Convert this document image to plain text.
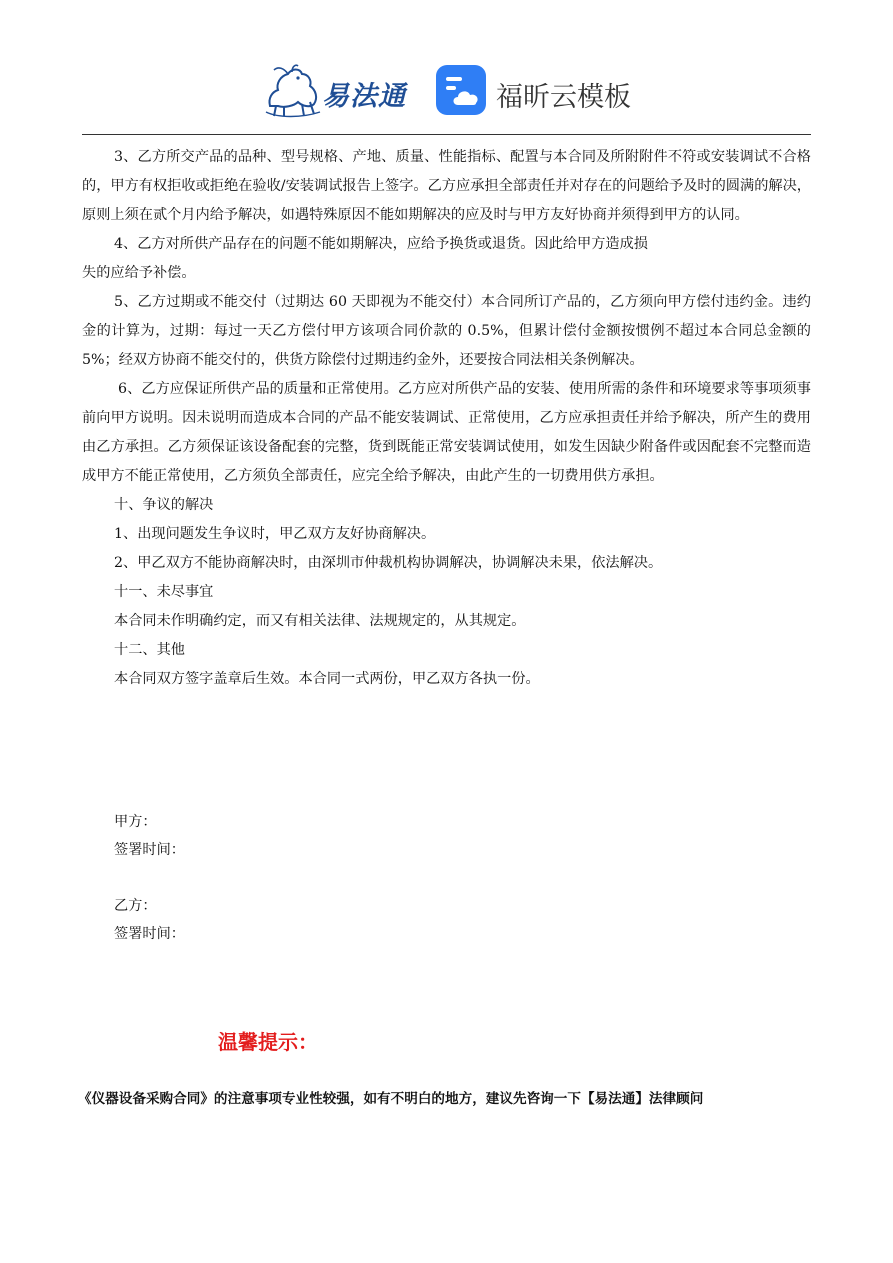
易法通	福昕云模板

3、乙方所交产品的品种、型号规格、产地、质量、性能指标、配置与本合同及所附附件不符或安装调试不合格的，甲方有权拒收或拒绝在验收/安装调试报告上签字。乙方应承担全部责任并对存在的问题给予及时的圆满的解决，原则上须在贰个月内给予解决，如遇特殊原因不能如期解决的应及时与甲方友好协商并须得到甲方的认同。

4、乙方对所供产品存在的问题不能如期解决，应给予换货或退货。因此给甲方造成损

失的应给予补偿。

5、乙方过期或不能交付（过期达 60 天即视为不能交付）本合同所订产品的，乙方须向甲方偿付违约金。违约金的计算为，过期：每过一天乙方偿付甲方该项合同价款的 0.5%，但累计偿付金额按惯例不超过本合同总金额的 5%；经双方协商不能交付的，供货方除偿付过期违约金外，还要按合同法相关条例解决。

6、乙方应保证所供产品的质量和正常使用。乙方应对所供产品的安装、使用所需的条件和环境要求等事项须事前向甲方说明。因未说明而造成本合同的产品不能安装调试、正常使用，乙方应承担责任并给予解决，所产生的费用由乙方承担。乙方须保证该设备配套的完整，货到既能正常安装调试使用，如发生因缺少附备件或因配套不完整而造成甲方不能正常使用，乙方须负全部责任，应完全给予解决，由此产生的一切费用供方承担。

十、争议的解决

1、出现问题发生争议时，甲乙双方友好协商解决。

2、甲乙双方不能协商解决时，由深圳市仲裁机构协调解决，协调解决未果，依法解决。

十一、未尽事宜

本合同未作明确约定，而又有相关法律、法规规定的，从其规定。

十二、其他

本合同双方签字盖章后生效。本合同一式两份，甲乙双方各执一份。

甲方：
签署时间：
乙方：
签署时间：
温馨提示：
《仪器设备采购合同》的注意事项专业性较强，如有不明白的地方，建议先咨询一下【易法通】法律顾问
